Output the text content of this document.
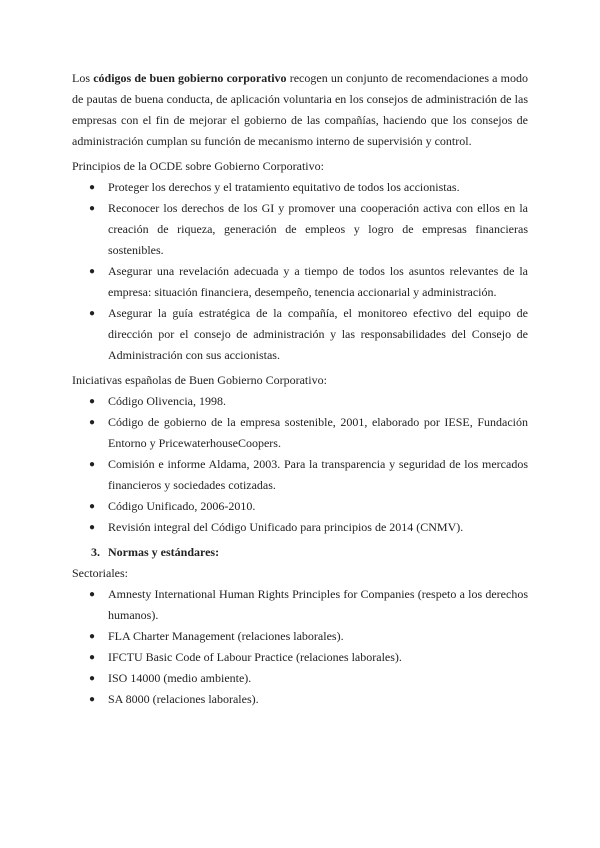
Los códigos de buen gobierno corporativo recogen un conjunto de recomendaciones a modo de pautas de buena conducta, de aplicación voluntaria en los consejos de administración de las empresas con el fin de mejorar el gobierno de las compañías, haciendo que los consejos de administración cumplan su función de mecanismo interno de supervisión y control.

Principios de la OCDE sobre Gobierno Corporativo:

● Proteger los derechos y el tratamiento equitativo de todos los accionistas.
● Reconocer los derechos de los GI y promover una cooperación activa con ellos en la creación de riqueza, generación de empleos y logro de empresas financieras sostenibles.
● Asegurar una revelación adecuada y a tiempo de todos los asuntos relevantes de la empresa: situación financiera, desempeño, tenencia accionarial y administración.
● Asegurar la guía estratégica de la compañía, el monitoreo efectivo del equipo de dirección por el consejo de administración y las responsabilidades del Consejo de Administración con sus accionistas.

Iniciativas españolas de Buen Gobierno Corporativo:

● Código Olivencia, 1998.
● Código de gobierno de la empresa sostenible, 2001, elaborado por IESE, Fundación Entorno y PricewaterhouseCoopers.
● Comisión e informe Aldama, 2003. Para la transparencia y seguridad de los mercados financieros y sociedades cotizadas.
● Código Unificado, 2006-2010.
● Revisión integral del Código Unificado para principios de 2014 (CNMV).
3. Normas y estándares:

Sectoriales:

● Amnesty International Human Rights Principles for Companies (respeto a los derechos humanos).
● FLA Charter Management (relaciones laborales).
● IFCTU Basic Code of Labour Practice (relaciones laborales).
● ISO 14000 (medio ambiente).
● SA 8000 (relaciones laborales).
